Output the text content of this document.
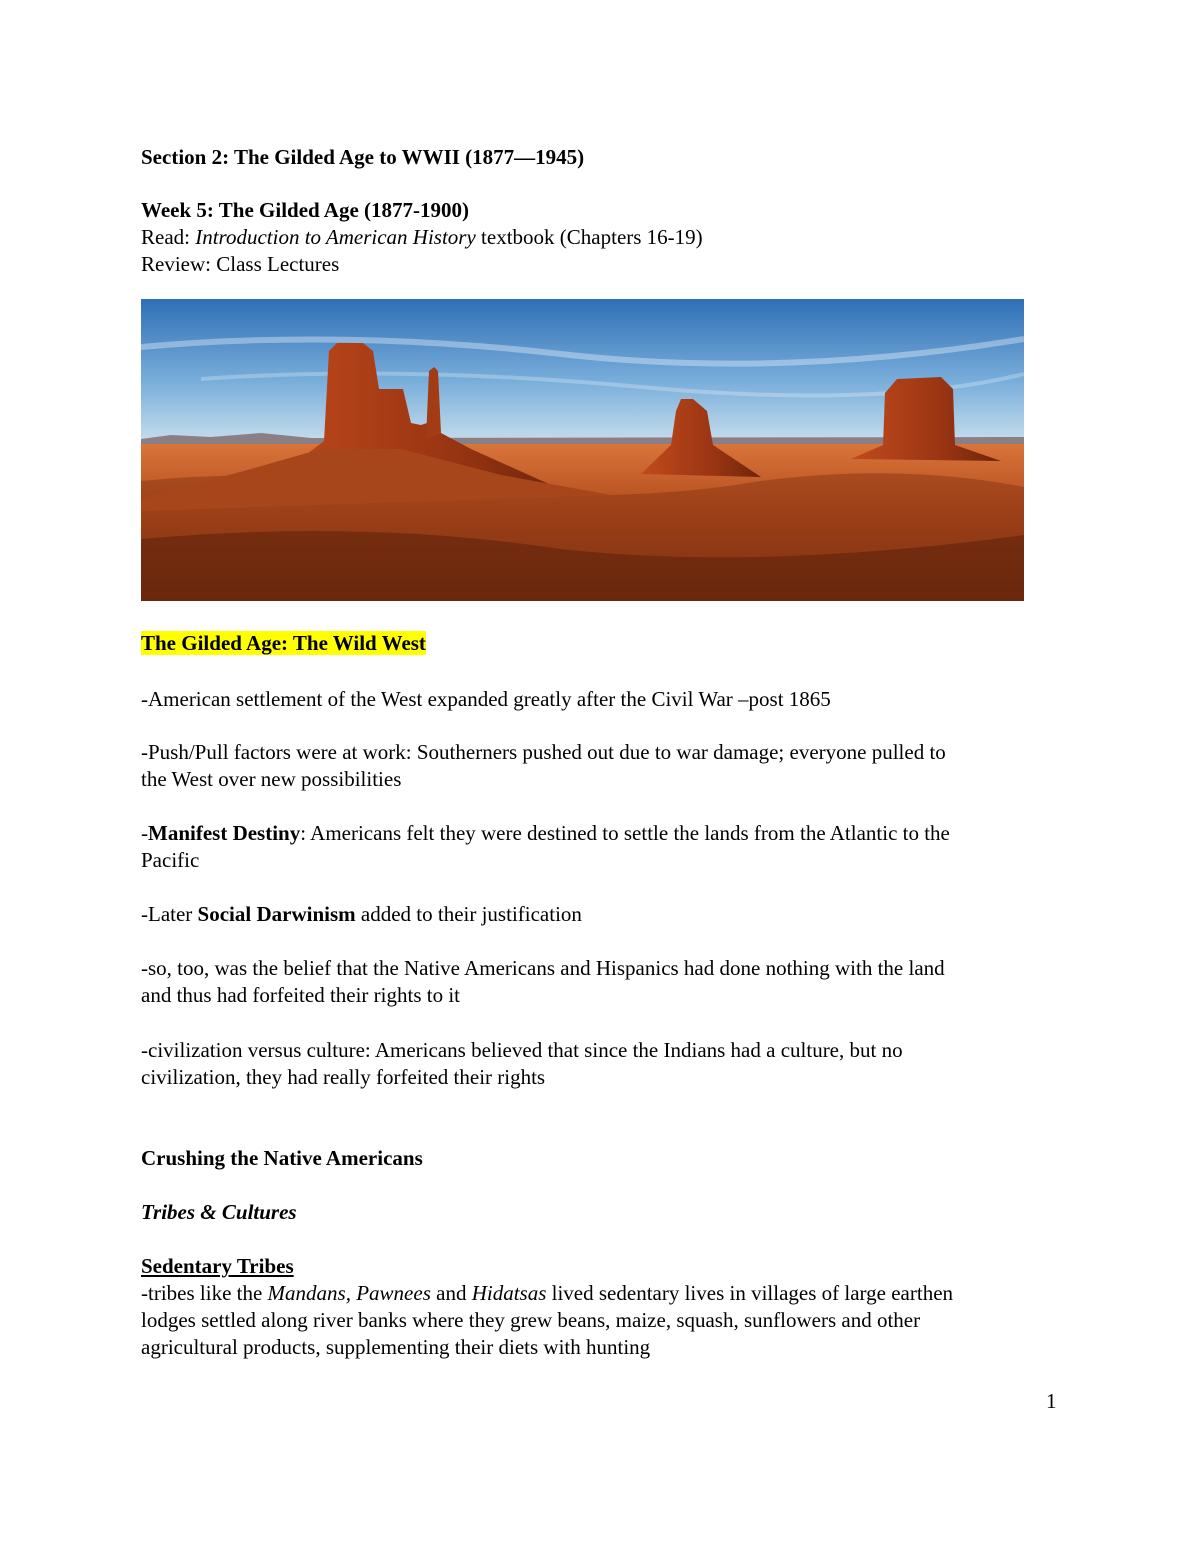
Section 2: The Gilded Age to WWII (1877—1945)
Week 5: The Gilded Age (1877-1900)
Read: Introduction to American History textbook (Chapters 16-19)
Review: Class Lectures
The Gilded Age: The Wild West
-American settlement of the West expanded greatly after the Civil War –post 1865
-Push/Pull factors were at work: Southerners pushed out due to war damage; everyone pulled to
the West over new possibilities
-Manifest Destiny: Americans felt they were destined to settle the lands from the Atlantic to the
Pacific
-Later Social Darwinism added to their justification
-so, too, was the belief that the Native Americans and Hispanics had done nothing with the land
and thus had forfeited their rights to it
-civilization versus culture: Americans believed that since the Indians had a culture, but no
civilization, they had really forfeited their rights
Crushing the Native Americans
Tribes & Cultures
Sedentary Tribes
-tribes like the Mandans, Pawnees and Hidatsas lived sedentary lives in villages of large earthen
lodges settled along river banks where they grew beans, maize, squash, sunflowers and other
agricultural products, supplementing their diets with hunting
1
